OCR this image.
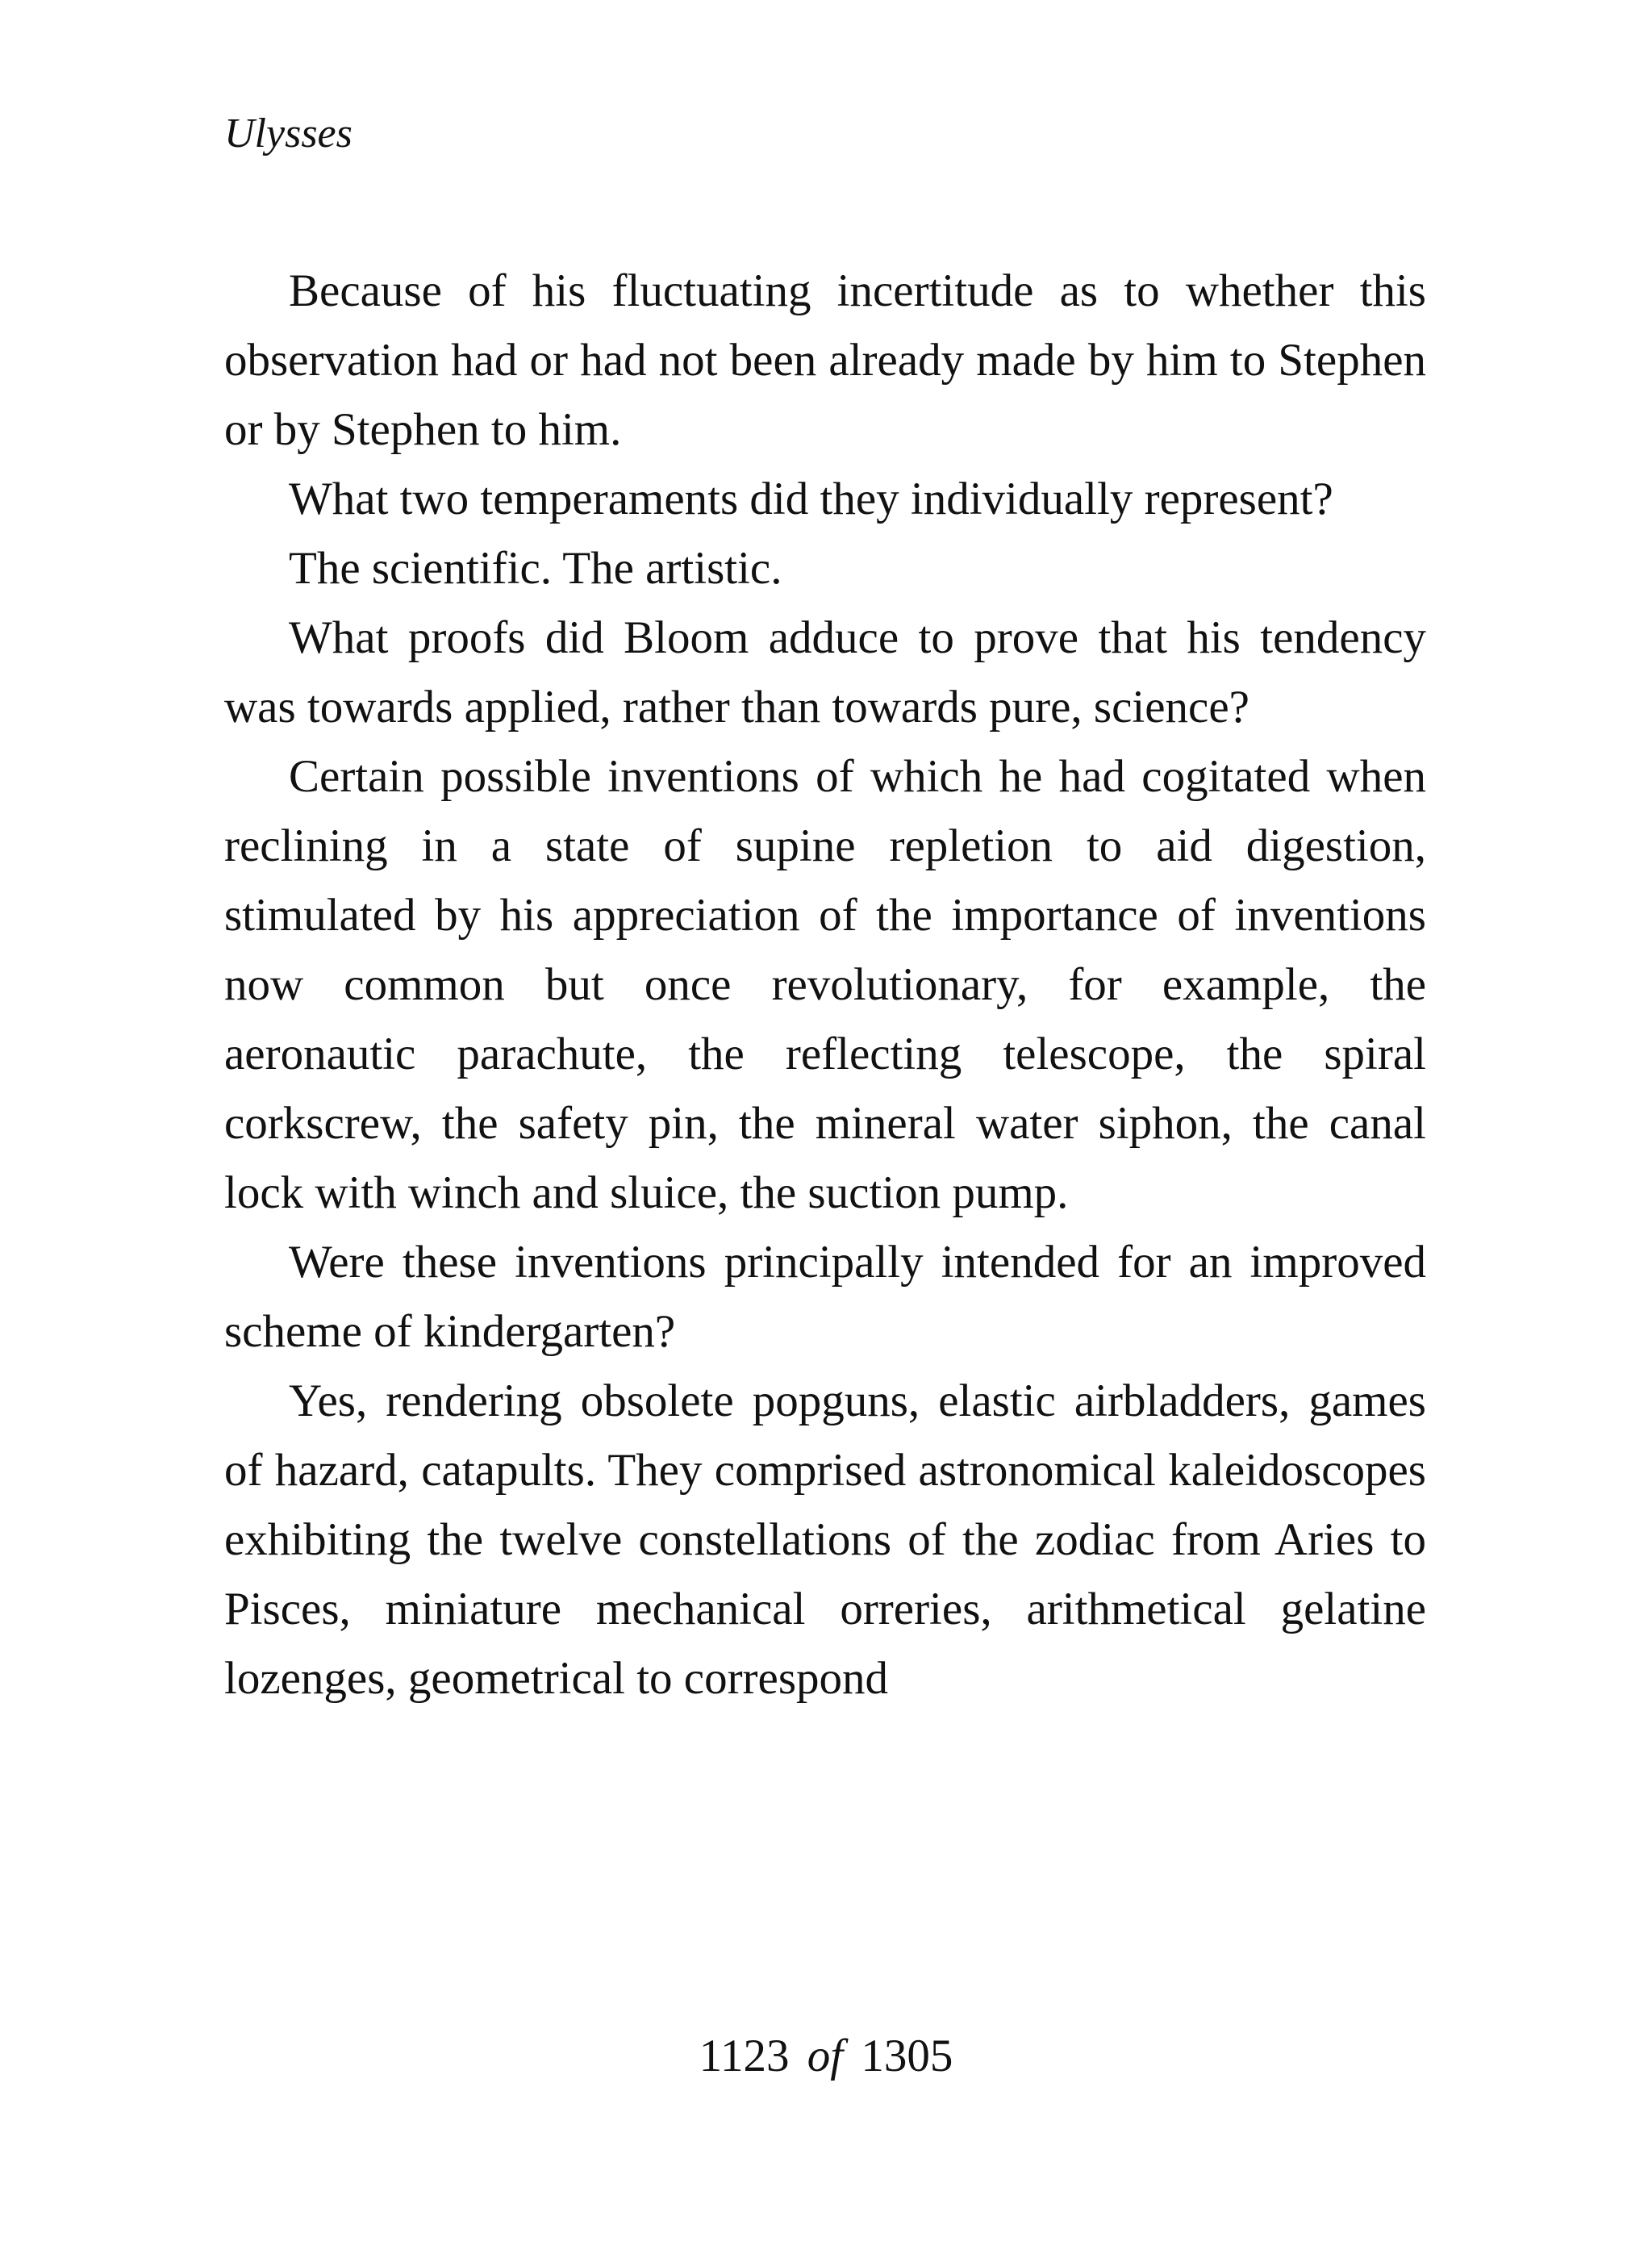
Ulysses

Because of his fluctuating incertitude as to whether this observation had or had not been already made by him to Stephen or by Stephen to him.

What two temperaments did they individually represent?

The scientific. The artistic.

What proofs did Bloom adduce to prove that his tendency was towards applied, rather than towards pure, science?

Certain possible inventions of which he had cogitated when reclining in a state of supine repletion to aid digestion, stimulated by his appreciation of the importance of inventions now common but once revolutionary, for example, the aeronautic parachute, the reflecting telescope, the spiral corkscrew, the safety pin, the mineral water siphon, the canal lock with winch and sluice, the suction pump.

Were these inventions principally intended for an improved scheme of kindergarten?

Yes, rendering obsolete popguns, elastic airbladders, games of hazard, catapults. They comprised astronomical kaleidoscopes exhibiting the twelve constellations of the zodiac from Aries to Pisces, miniature mechanical orreries, arithmetical gelatine lozenges, geometrical to correspond

1123 of 1305
